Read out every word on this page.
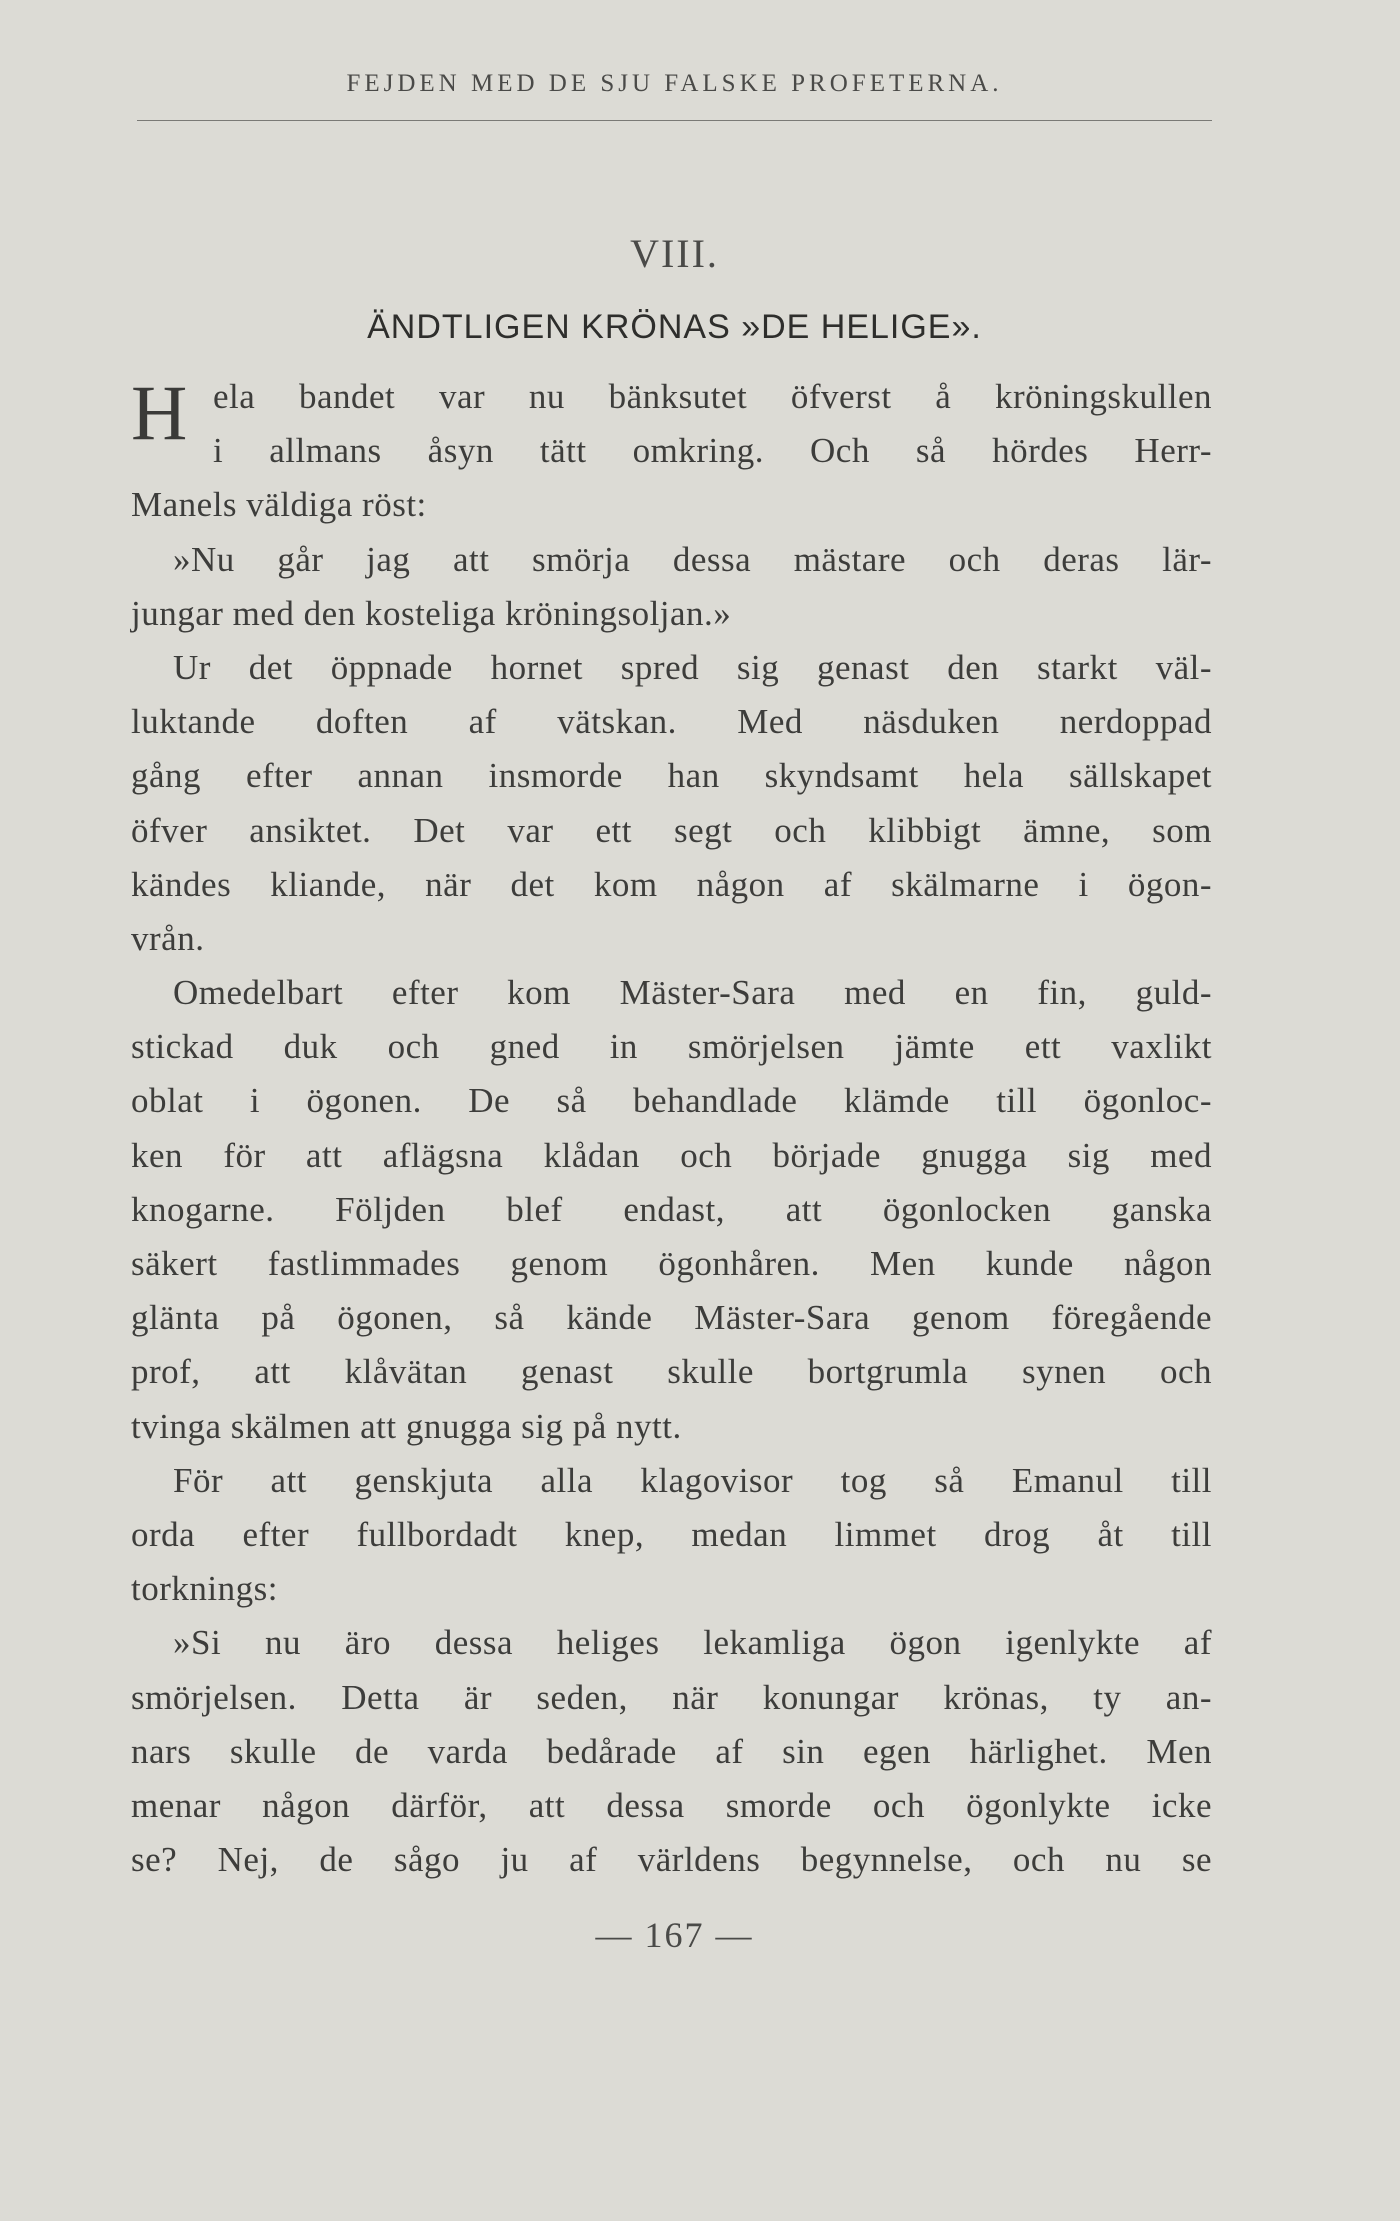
FEJDEN MED DE SJU FALSKE PROFETERNA.
VIII.
ÄNDTLIGEN KRÖNAS »DE HELIGE».
H ela bandet var nu bänksutet öfverst å kröningskullen
i allmans åsyn tätt omkring. Och så hördes Herr-
Manels väldiga röst:
»Nu går jag att smörja dessa mästare och deras lär-
jungar med den kosteliga kröningsoljan.»
Ur det öppnade hornet spred sig genast den starkt väl-
luktande doften af vätskan. Med näsduken nerdoppad
gång efter annan insmorde han skyndsamt hela sällskapet
öfver ansiktet. Det var ett segt och klibbigt ämne, som
kändes kliande, när det kom någon af skälmarne i ögon-
vrån.
Omedelbart efter kom Mäster-Sara med en fin, guld-
stickad duk och gned in smörjelsen jämte ett vaxlikt
oblat i ögonen. De så behandlade klämde till ögonloc-
ken för att aflägsna klådan och började gnugga sig med
knogarne. Följden blef endast, att ögonlocken ganska
säkert fastlimmades genom ögonhåren. Men kunde någon
glänta på ögonen, så kände Mäster-Sara genom föregående
prof, att klåvätan genast skulle bortgrumla synen och
tvinga skälmen att gnugga sig på nytt.
För att genskjuta alla klagovisor tog så Emanul till
orda efter fullbordadt knep, medan limmet drog åt till
torknings:
»Si nu äro dessa heliges lekamliga ögon igenlykte af
smörjelsen. Detta är seden, när konungar krönas, ty an-
nars skulle de varda bedårade af sin egen härlighet. Men
menar någon därför, att dessa smorde och ögonlykte icke
se? Nej, de sågo ju af världens begynnelse, och nu se
— 167 —
